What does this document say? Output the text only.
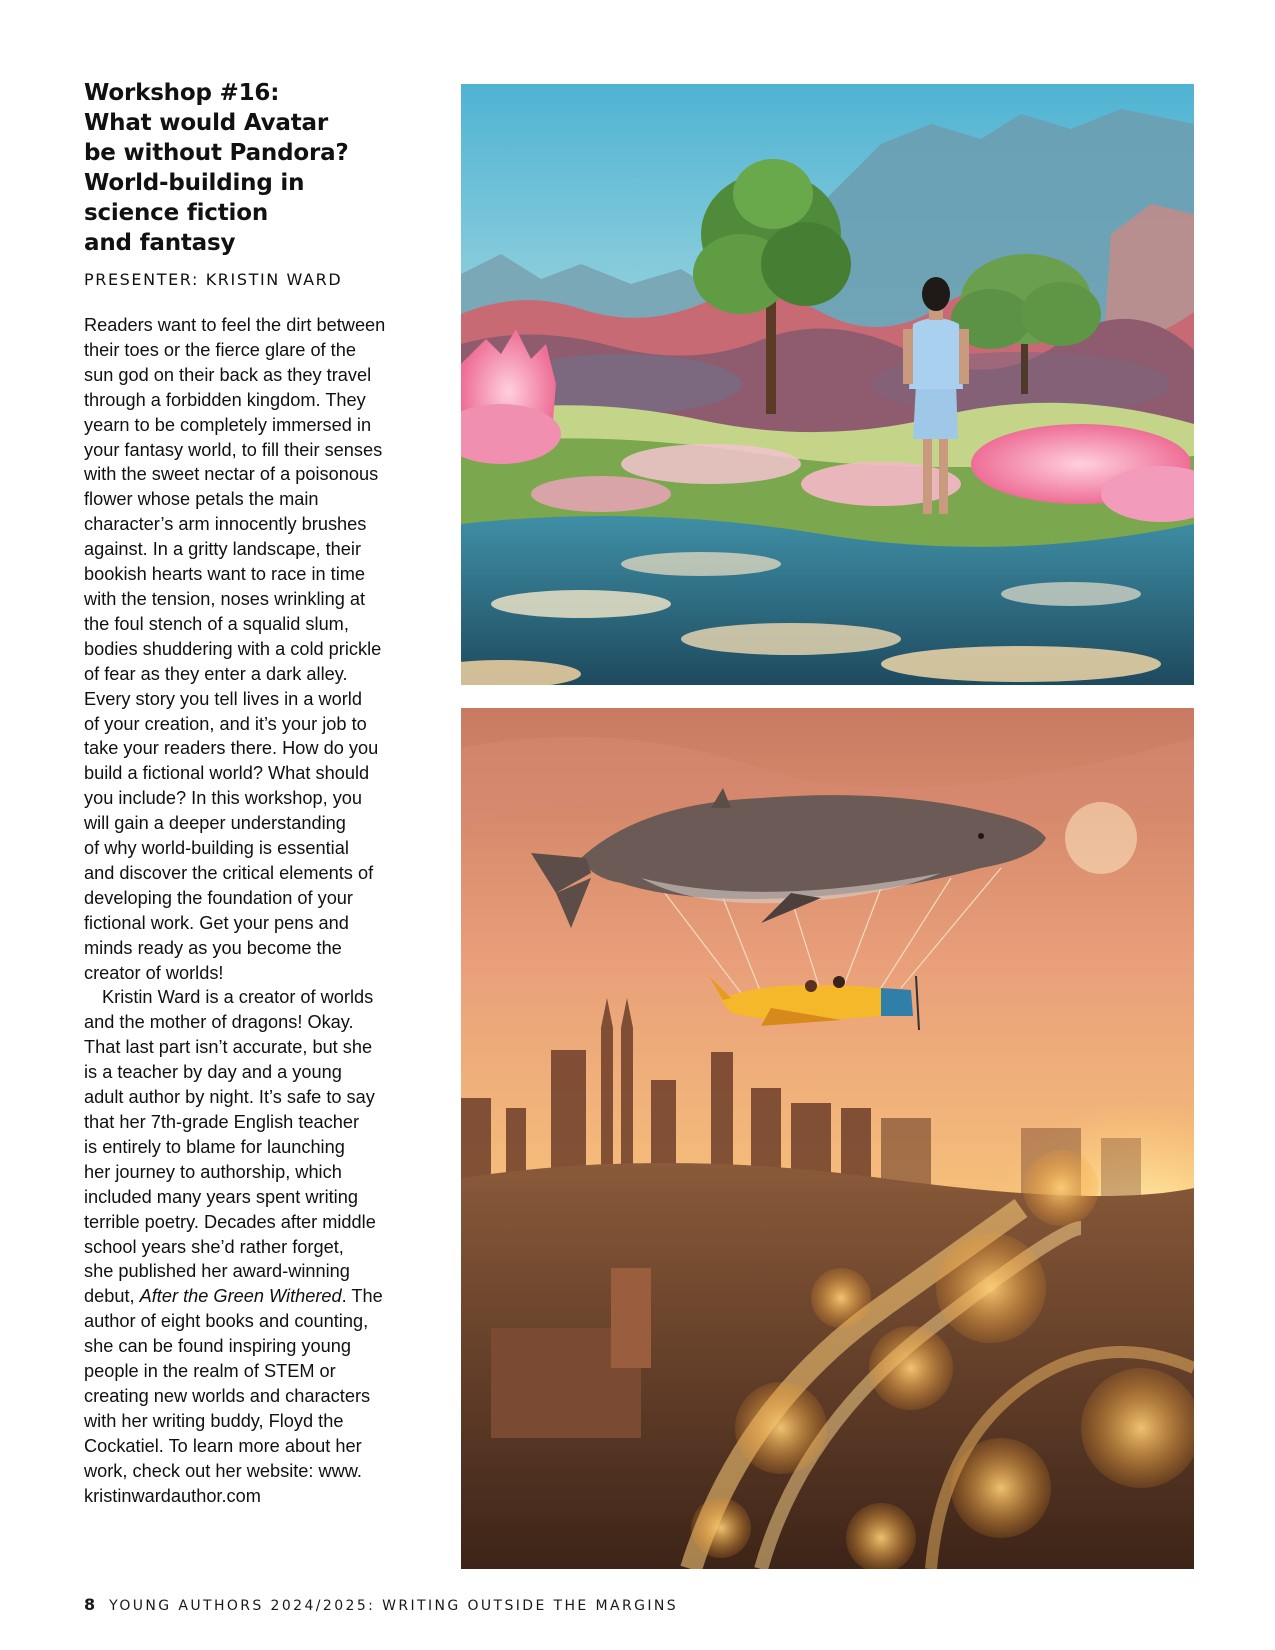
Workshop #16:
What would Avatar
be without Pandora?
World-building in
science fiction
and fantasy
PRESENTER: KRISTIN WARD
Readers want to feel the dirt between
their toes or the fierce glare of the
sun god on their back as they travel
through a forbidden kingdom. They
yearn to be completely immersed in
your fantasy world, to fill their senses
with the sweet nectar of a poisonous
flower whose petals the main
character’s arm innocently brushes
against. In a gritty landscape, their
bookish hearts want to race in time
with the tension, noses wrinkling at
the foul stench of a squalid slum,
bodies shuddering with a cold prickle
of fear as they enter a dark alley.
Every story you tell lives in a world
of your creation, and it’s your job to
take your readers there. How do you
build a fictional world? What should
you include? In this workshop, you
will gain a deeper understanding
of why world-building is essential
and discover the critical elements of
developing the foundation of your
fictional work. Get your pens and
minds ready as you become the
creator of worlds!
Kristin Ward is a creator of worlds
and the mother of dragons! Okay.
That last part isn’t accurate, but she
is a teacher by day and a young
adult author by night. It’s safe to say
that her 7th-grade English teacher
is entirely to blame for launching
her journey to authorship, which
included many years spent writing
terrible poetry. Decades after middle
school years she’d rather forget,
she published her award-winning
debut, After the Green Withered. The
author of eight books and counting,
she can be found inspiring young
people in the realm of STEM or
creating new worlds and characters
with her writing buddy, Floyd the
Cockatiel. To learn more about her
work, check out her website: www.
kristinwardauthor.com
8 YOUNG AUTHORS 2024/2025: WRITING OUTSIDE THE MARGINS
